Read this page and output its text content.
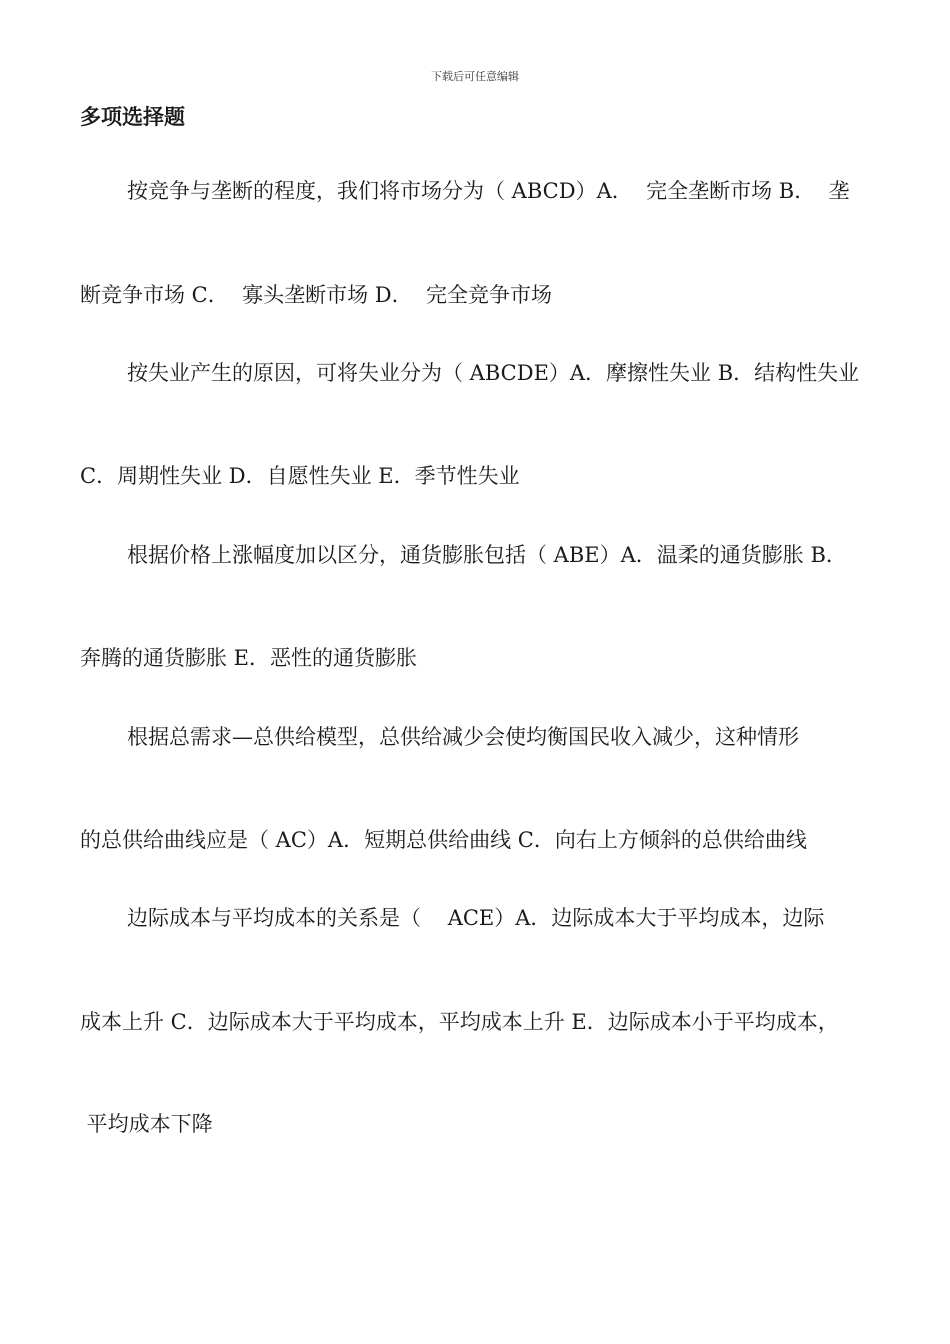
下载后可任意编辑
多项选择题
按竞争与垄断的程度，我们将市场分为（ ABCD）A．  完全垄断市场 B．  垄
断竞争市场 C．  寡头垄断市场 D．  完全竞争市场
按失业产生的原因，可将失业分为（ ABCDE）A．摩擦性失业 B．结构性失业
C．周期性失业 D．自愿性失业 E．季节性失业
根据价格上涨幅度加以区分，通货膨胀包括（ ABE）A．温柔的通货膨胀 B．
奔腾的通货膨胀 E．恶性的通货膨胀
根据总需求—总供给模型，总供给减少会使均衡国民收入减少，这种情形
的总供给曲线应是（ AC）A．短期总供给曲线 C．向右上方倾斜的总供给曲线
边际成本与平均成本的关系是（    ACE）A．边际成本大于平均成本，边际
成本上升 C．边际成本大于平均成本，平均成本上升 E．边际成本小于平均成本，
平均成本下降
